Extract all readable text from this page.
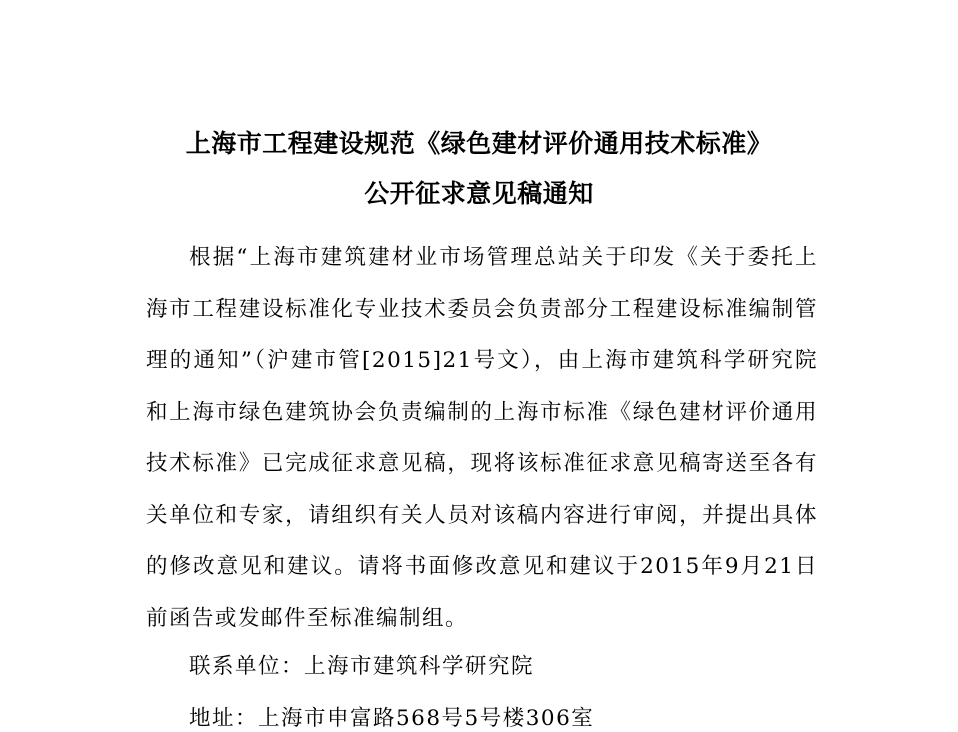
上海市工程建设规范《绿色建材评价通用技术标准》
公开征求意见稿通知

根据“上海市建筑建材业市场管理总站关于印发《关于委托上海市工程建设标准化专业技术委员会负责部分工程建设标准编制管理的通知”（沪建市管[2015]21号文），由上海市建筑科学研究院和上海市绿色建筑协会负责编制的上海市标准《绿色建材评价通用技术标准》已完成征求意见稿，现将该标准征求意见稿寄送至各有关单位和专家，请组织有关人员对该稿内容进行审阅，并提出具体的修改意见和建议。请将书面修改意见和建议于2015年9月21日前函告或发邮件至标准编制组。

联系单位：上海市建筑科学研究院
地址：上海市申富路568号5号楼306室
